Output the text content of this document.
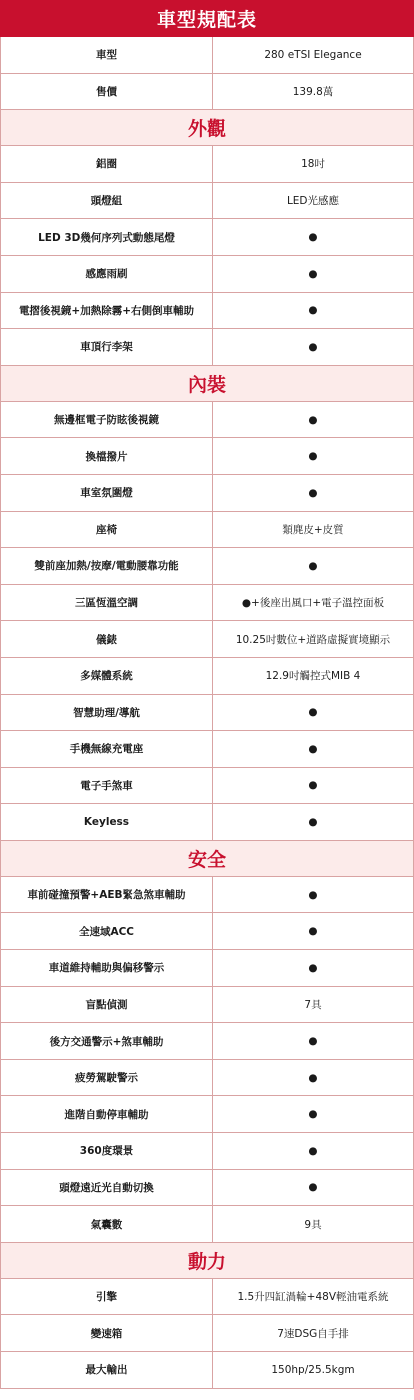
車型規配表
車型	280 eTSI Elegance
售價	139.8萬
外觀
鋁圈	18吋
頭燈組	LED光感應
LED 3D幾何序列式動態尾燈	●
感應雨刷	●
電摺後視鏡+加熱除霧+右側倒車輔助	●
車頂行李架	●
內裝
無邊框電子防眩後視鏡	●
換檔撥片	●
車室氛圍燈	●
座椅	類麂皮+皮質
雙前座加熱/按摩/電動腰靠功能	●
三區恆溫空調	●+後座出風口+電子溫控面板
儀錶	10.25吋數位+道路虛擬實境顯示
多媒體系統	12.9吋觸控式MIB 4
智慧助理/導航	●
手機無線充電座	●
電子手煞車	●
Keyless	●
安全
車前碰撞預警+AEB緊急煞車輔助	●
全速域ACC	●
車道維持輔助與偏移警示	●
盲點偵測	7具
後方交通警示+煞車輔助	●
疲勞駕駛警示	●
進階自動停車輔助	●
360度環景	●
頭燈遠近光自動切換	●
氣囊數	9具
動力
引擎	1.5升四缸渦輪+48V輕油電系統
變速箱	7速DSG自手排
最大輸出	150hp/25.5kgm
